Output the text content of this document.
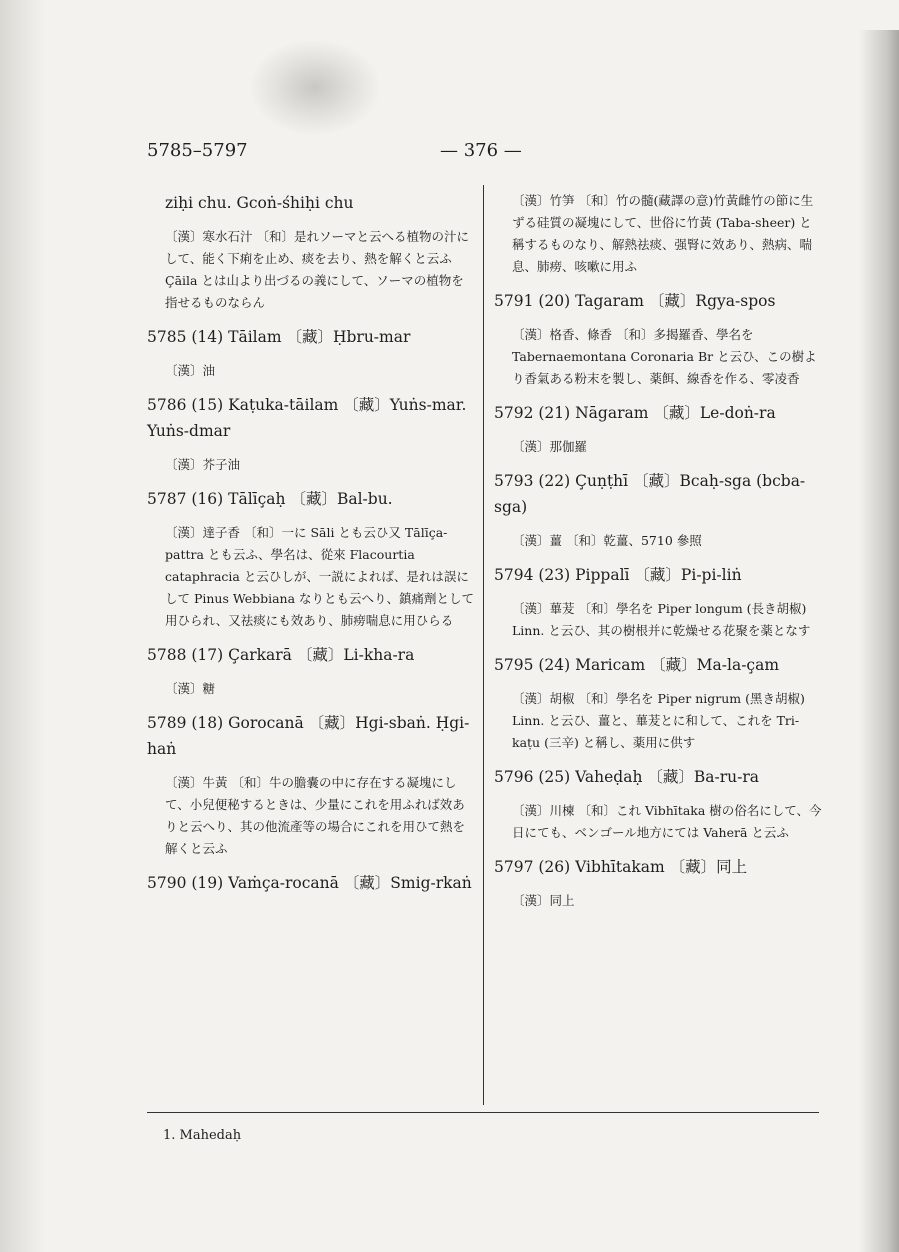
5785–5797	— 376 —
ziḥi chu. Gcoṅ-śhiḥi chu
〔漢〕寒水石汁 〔和〕是れソーマと云へる植物の汁にして、能く下痢を止め、痰を去り、熱を解くと云ふ Çāila とは山より出づるの義にして、ソーマの植物を指せるものならん
5785 (14) Tāilam 〔藏〕Ḥbru-mar
〔漢〕油
5786 (15) Kaṭuka-tāilam 〔藏〕Yuṅs-mar. Yuṅs-dmar
〔漢〕芥子油
5787 (16) Tālīçaḥ 〔藏〕Bal-bu.
〔漢〕達子香 〔和〕一に Sāli とも云ひ又 Tālīça-pattra とも云ふ、學名は、從來 Flacourtia cataphracia と云ひしが、一説によれば、是れは誤にして Pinus Webbiana なりとも云へり、鎮痛劑として用ひられ、又祛痰にも效あり、肺痨喘息に用ひらる
5788 (17) Çarkarā 〔藏〕Li-kha-ra
〔漢〕糖
5789 (18) Gorocanā 〔藏〕Hgi-sbaṅ. Ḥgi-haṅ
〔漢〕牛黃 〔和〕牛の膽嚢の中に存在する凝塊にして、小兒便秘するときは、少量にこれを用ふれば效ありと云へり、其の他流產等の場合にこれを用ひて熱を解くと云ふ
5790 (19) Vaṁça-rocanā 〔藏〕Smig-rkaṅ
〔漢〕竹笋 〔和〕竹の髓(藏譯の意)竹黃雌竹の節に生ずる硅質の凝塊にして、世俗に竹黃 (Taba-sheer) と稱するものなり、解熱祛痰、强腎に效あり、熱病、喘息、肺痨、咳嗽に用ふ
5791 (20) Tagaram 〔藏〕Rgya-spos
〔漢〕格香、條香 〔和〕多揭羅香、學名を Tabernaemontana Coronaria Br と云ひ、この樹より香氣ある粉末を製し、薬餌、線香を作る、零凌香
5792 (21) Nāgaram 〔藏〕Le-doṅ-ra
〔漢〕那伽羅
5793 (22) Çuṇṭhī 〔藏〕Bcaḥ-sga (bcba-sga)
〔漢〕薑 〔和〕乾薑、5710 參照
5794 (23) Pippalī 〔藏〕Pi-pi-liṅ
〔漢〕蓽茇 〔和〕學名を Piper longum (長き胡椒) Linn. と云ひ、其の樹根并に乾燥せる花聚を薬となす
5795 (24) Maricam 〔藏〕Ma-la-çam
〔漢〕胡椒 〔和〕學名を Piper nigrum (黑き胡椒) Linn. と云ひ、薑と、蓽茇とに和して、これを Tri-kaṭu (三辛) と稱し、薬用に供す
5796 (25) Vaheḍaḥ 〔藏〕Ba-ru-ra
〔漢〕川楝 〔和〕これ Vibhītaka 樹の俗名にして、今日にても、ベンゴール地方にては Vaherā と云ふ
5797 (26) Vibhītakam 〔藏〕同上
〔漢〕同上
1. Mahedaḥ
